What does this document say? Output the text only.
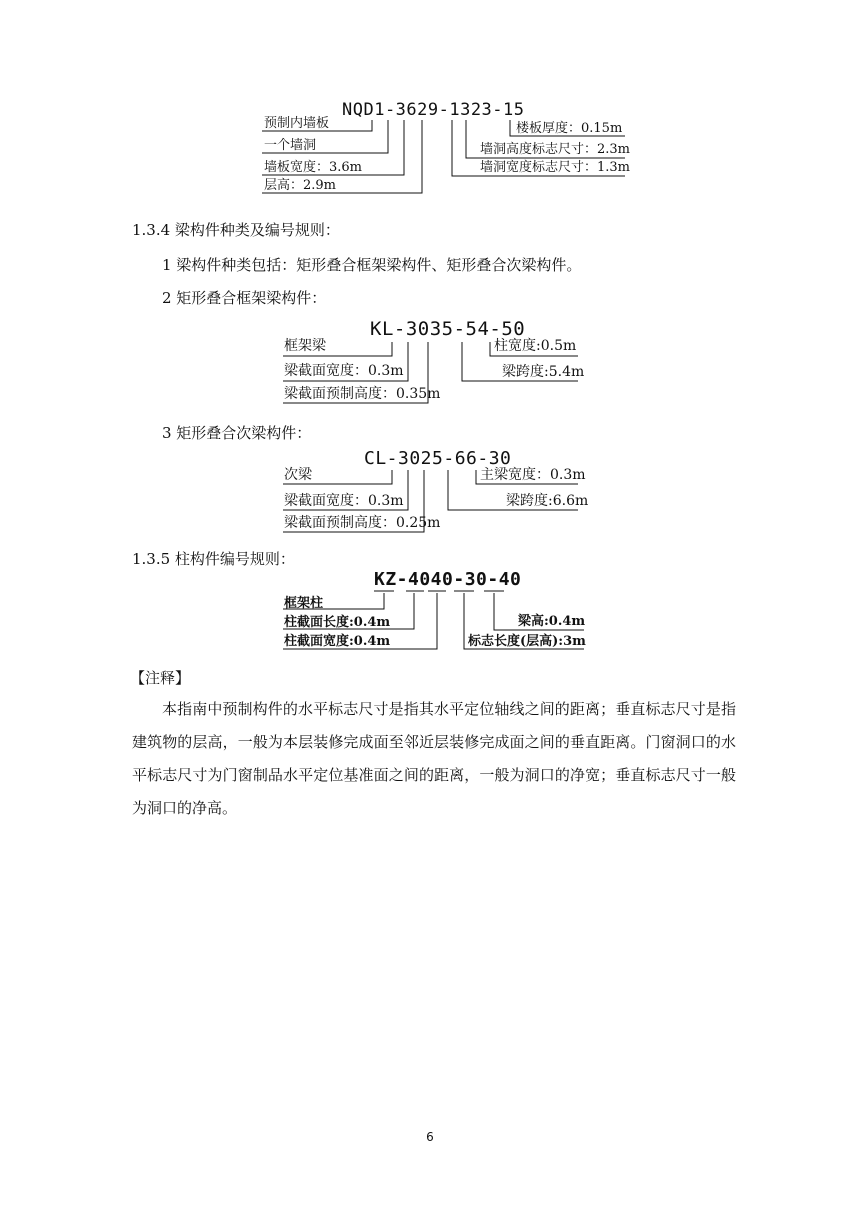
NQD1-3629-1323-15
预制内墙板
一个墙洞
墙板宽度：3.6m
层高：2.9m
楼板厚度：0.15m
墙洞高度标志尺寸：2.3m
墙洞宽度标志尺寸：1.3m
1.3.4 梁构件种类及编号规则：
1 梁构件种类包括：矩形叠合框架梁构件、矩形叠合次梁构件。
2 矩形叠合框架梁构件：
KL-3035-54-50
框架梁
梁截面宽度：0.3m
梁截面预制高度：0.35m
柱宽度:0.5m
梁跨度:5.4m
3 矩形叠合次梁构件：
CL-3025-66-30
次梁
梁截面宽度：0.3m
梁截面预制高度：0.25m
主梁宽度：0.3m
梁跨度:6.6m
1.3.5 柱构件编号规则：
KZ-4040-30-40
框架柱
柱截面长度:0.4m
柱截面宽度:0.4m
梁高:0.4m
标志长度(层高):3m
【注释】

本指南中预制构件的水平标志尺寸是指其水平定位轴线之间的距离；垂直标志尺寸是指建筑物的层高，一般为本层装修完成面至邻近层装修完成面之间的垂直距离。门窗洞口的水平标志尺寸为门窗制品水平定位基准面之间的距离，一般为洞口的净宽；垂直标志尺寸一般为洞口的净高。

6
